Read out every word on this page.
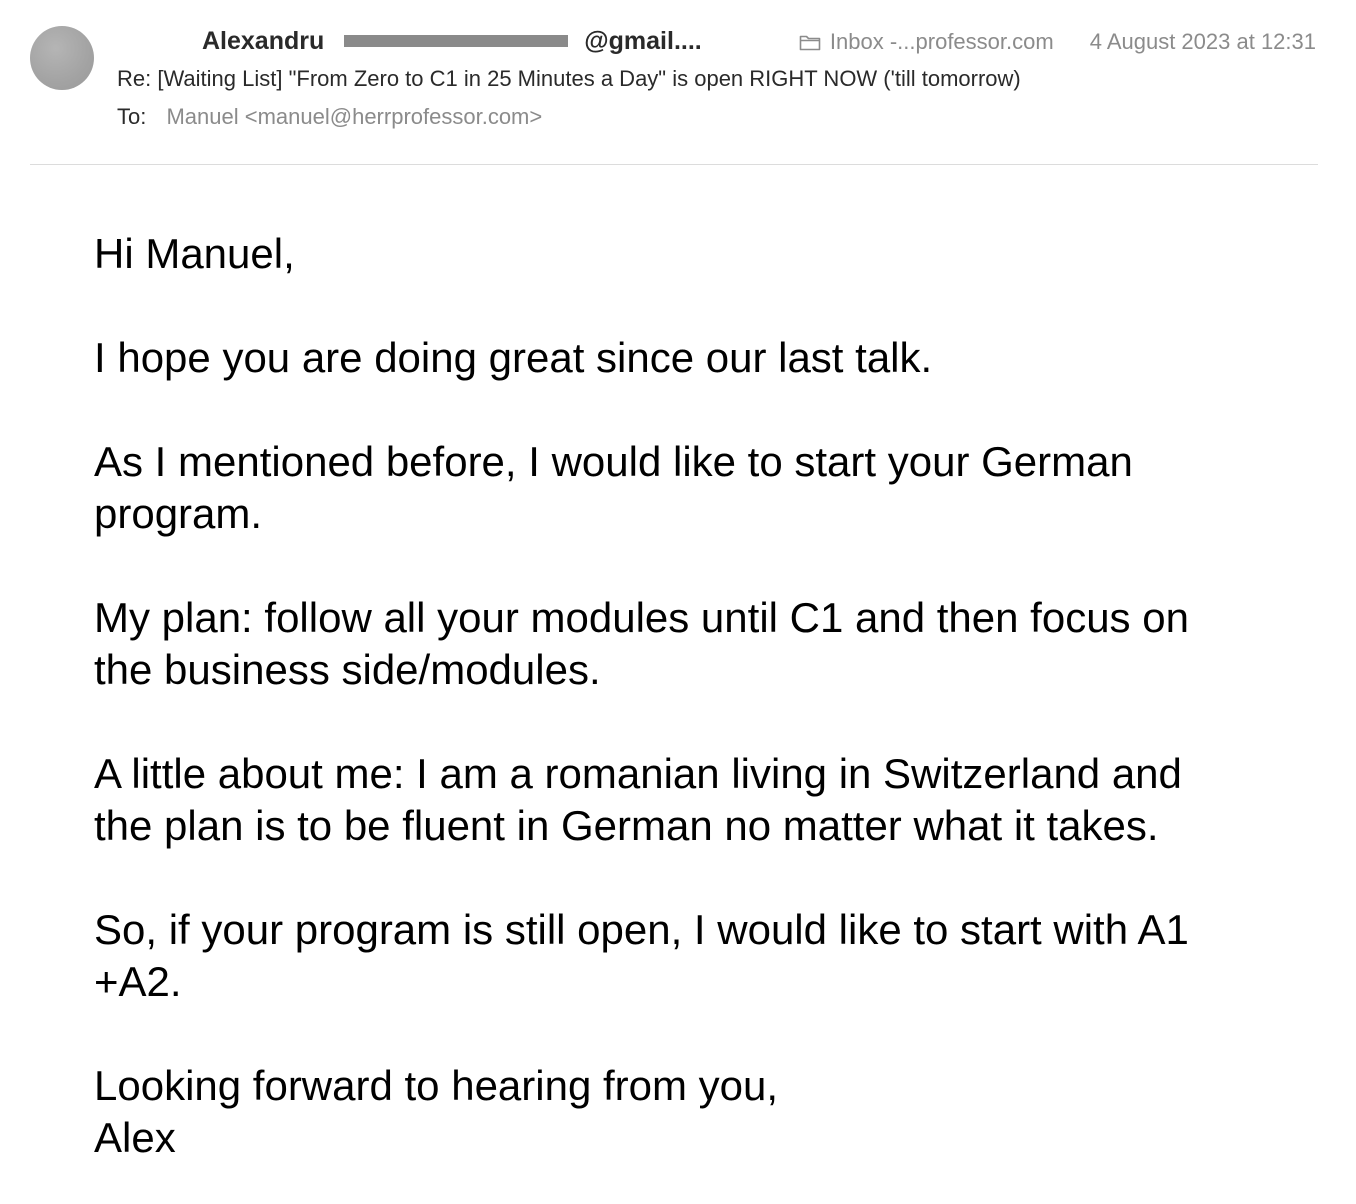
Alexandru	@gmail....	Inbox -...professor.com 4 August 2023 at 12:31
Re: [Waiting List] "From Zero to C1 in 25 Minutes a Day" is open RIGHT NOW ('till tomorrow)
To: Manuel <manuel@herrprofessor.com>

Hi Manuel,

I hope you are doing great since our last talk.

As I mentioned before, I would like to start your German
program.

My plan: follow all your modules until C1 and then focus on
the business side/modules.

A little about me: I am a romanian living in Switzerland and
the plan is to be fluent in German no matter what it takes.

So, if your program is still open, I would like to start with A1
+A2.

Looking forward to hearing from you,
Alex
